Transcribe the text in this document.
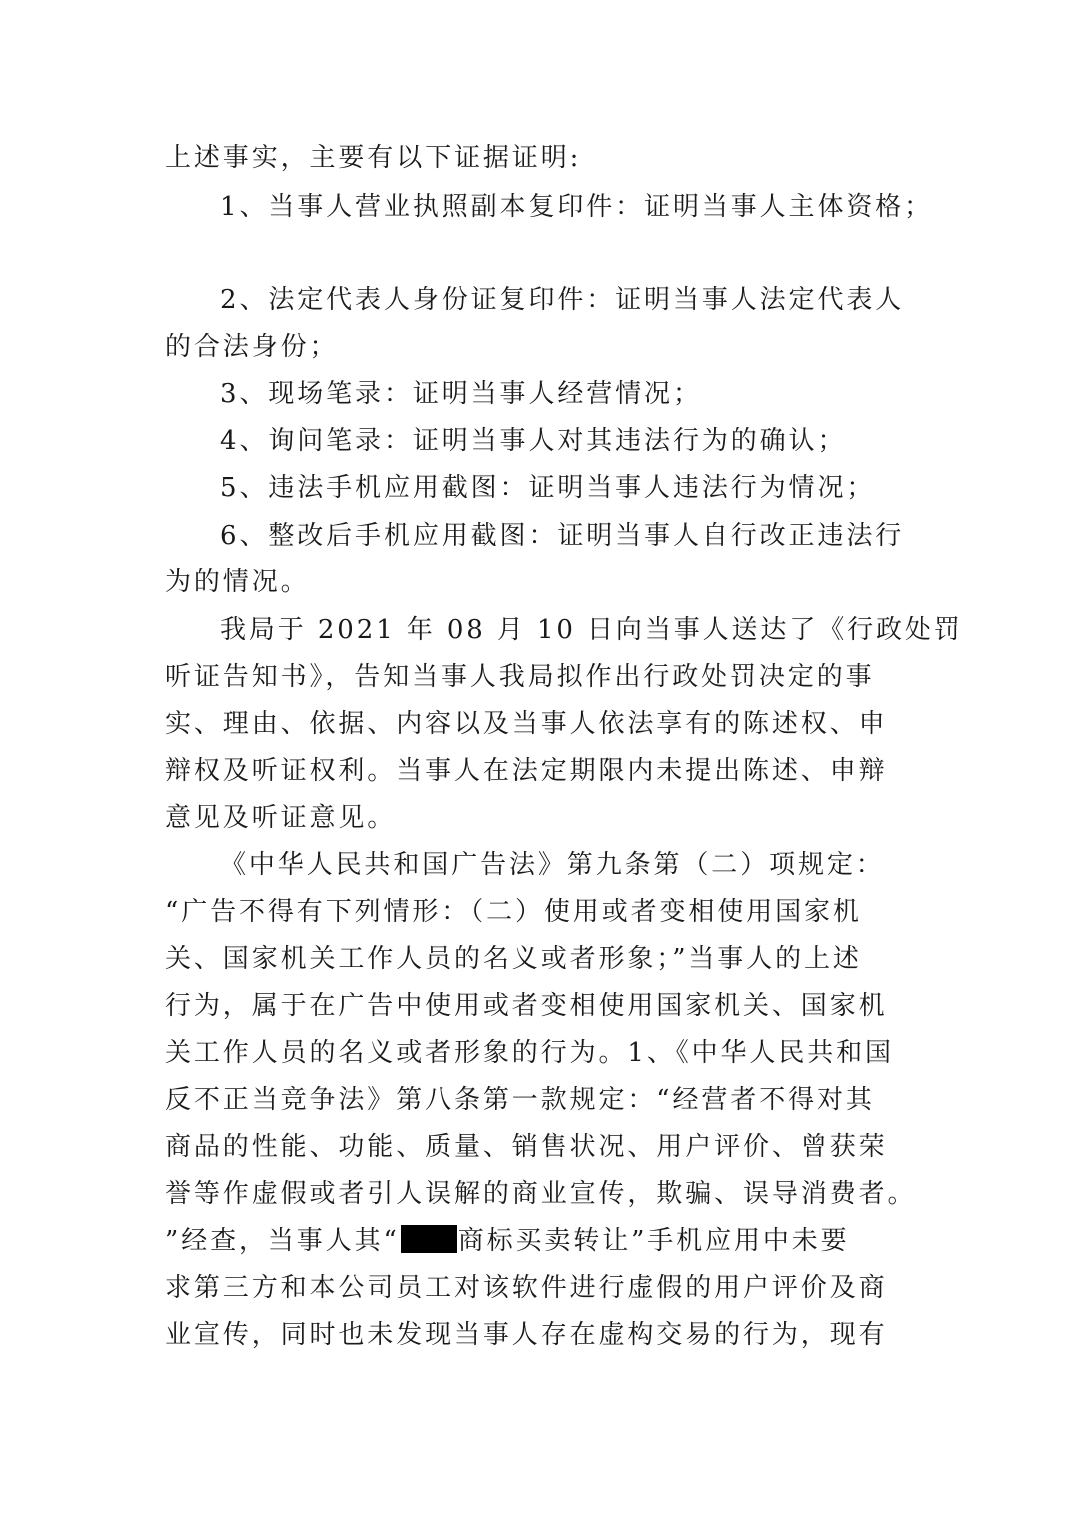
上述事实，主要有以下证据证明:
1、当事人营业执照副本复印件：证明当事人主体资格；
2、法定代表人身份证复印件：证明当事人法定代表人
的合法身份；
3、现场笔录：证明当事人经营情况；
4、询问笔录：证明当事人对其违法行为的确认；
5、违法手机应用截图：证明当事人违法行为情况；
6、整改后手机应用截图：证明当事人自行改正违法行
为的情况。
我局于 2021 年 08 月 10 日向当事人送达了《行政处罚
听证告知书》，告知当事人我局拟作出行政处罚决定的事
实、理由、依据、内容以及当事人依法享有的陈述权、申
辩权及听证权利。当事人在法定期限内未提出陈述、申辩
意见及听证意见。
《中华人民共和国广告法》第九条第（二）项规定：
“广告不得有下列情形：（二）使用或者变相使用国家机
关、国家机关工作人员的名义或者形象；”当事人的上述
行为，属于在广告中使用或者变相使用国家机关、国家机
关工作人员的名义或者形象的行为。1、《中华人民共和国
反不正当竞争法》第八条第一款规定：“经营者不得对其
商品的性能、功能、质量、销售状况、用户评价、曾获荣
誉等作虚假或者引人误解的商业宣传，欺骗、误导消费者。
”经查，当事人其“ 商标买卖转让”手机应用中未要
求第三方和本公司员工对该软件进行虚假的用户评价及商
业宣传，同时也未发现当事人存在虚构交易的行为，现有
